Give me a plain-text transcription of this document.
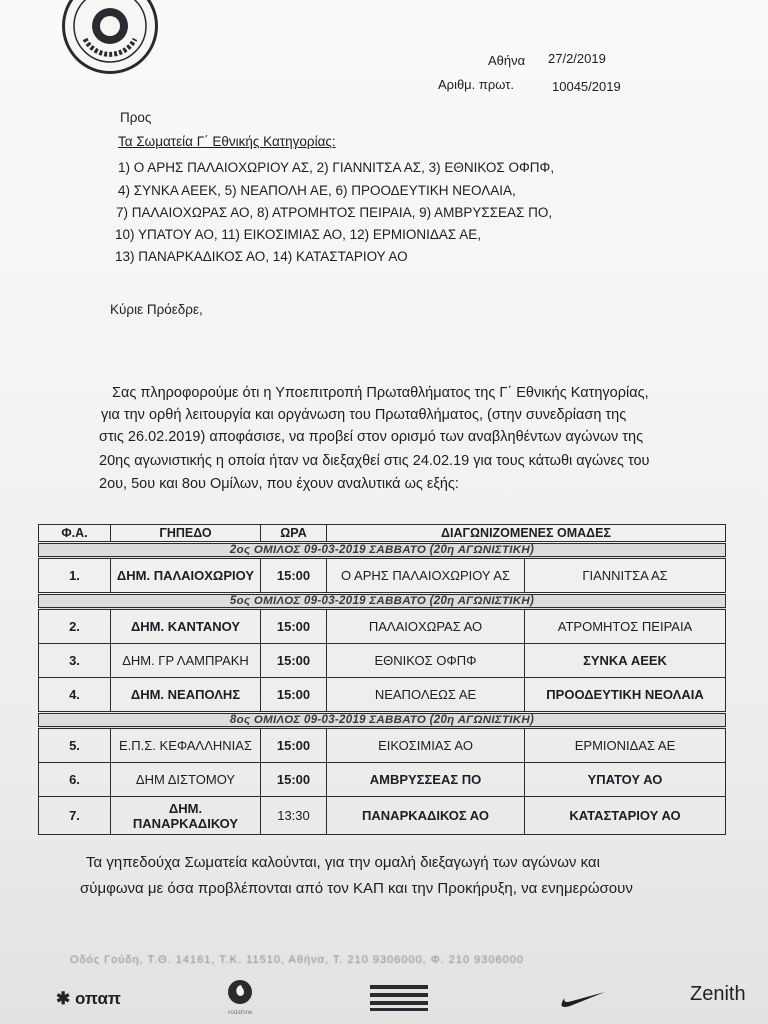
Αθήνα 27/2/2019
Αριθμ. πρωτ.	10045/2019
Προς
Τα Σωματεία Γ΄ Εθνικής Κατηγορίας:
1) Ο ΑΡΗΣ ΠΑΛΑΙΟΧΩΡΙΟΥ ΑΣ, 2) ΓΙΑΝΝΙΤΣΑ ΑΣ, 3) ΕΘΝΙΚΟΣ ΟΦΠΦ,
4) ΣΥΝΚΑ ΑΕΕΚ, 5) ΝΕΑΠΟΛΗ ΑΕ, 6) ΠΡΟΟΔΕΥΤΙΚΗ ΝΕΟΛΑΙΑ,
7) ΠΑΛΑΙΟΧΩΡΑΣ ΑΟ, 8) ΑΤΡΟΜΗΤΟΣ ΠΕΙΡΑΙΑ, 9) ΑΜΒΡΥΣΣΕΑΣ ΠΟ,
10) ΥΠΑΤΟΥ ΑΟ, 11) ΕΙΚΟΣΙΜΙΑΣ ΑΟ, 12) ΕΡΜΙΟΝΙΔΑΣ ΑΕ,
13) ΠΑΝΑΡΚΑΔΙΚΟΣ ΑΟ, 14) ΚΑΤΑΣΤΑΡΙΟΥ ΑΟ
Κύριε Πρόεδρε,
Σας πληροφορούμε ότι η Υποεπιτροπή Πρωταθλήματος της Γ΄ Εθνικής Κατηγορίας,
για την ορθή λειτουργία και οργάνωση του Πρωταθλήματος, (στην συνεδρίαση της
στις 26.02.2019) αποφάσισε, να προβεί στον ορισμό των αναβληθέντων αγώνων της
20ης αγωνιστικής η οποία ήταν να διεξαχθεί στις 24.02.19 για τους κάτωθι αγώνες του
2ου, 5ου και 8ου Ομίλων, που έχουν αναλυτικά ως εξής:
Φ.Α.	ΓΗΠΕΔΟ	ΩΡΑ	ΔΙΑΓΩΝΙΖΟΜΕΝΕΣ ΟΜΑΔΕΣ	
2ος ΟΜΙΛΟΣ 09-03-2019 ΣΑΒΒΑΤΟ (20η ΑΓΩΝΙΣΤΙΚΗ)				
1.	ΔΗΜ. ΠΑΛΑΙΟΧΩΡΙΟΥ	15:00	Ο ΑΡΗΣ ΠΑΛΑΙΟΧΩΡΙΟΥ ΑΣ	ΓΙΑΝΝΙΤΣΑ ΑΣ
5ος ΟΜΙΛΟΣ 09-03-2019 ΣΑΒΒΑΤΟ (20η ΑΓΩΝΙΣΤΙΚΗ)				
2.	ΔΗΜ. ΚΑΝΤΑΝΟΥ	15:00	ΠΑΛΑΙΟΧΩΡΑΣ ΑΟ	ΑΤΡΟΜΗΤΟΣ ΠΕΙΡΑΙΑ
3.	ΔΗΜ. ΓΡ ΛΑΜΠΡΑΚΗ	15:00	ΕΘΝΙΚΟΣ ΟΦΠΦ	ΣΥΝΚΑ ΑΕΕΚ
4.	ΔΗΜ. ΝΕΑΠΟΛΗΣ	15:00	ΝΕΑΠΟΛΕΩΣ ΑΕ	ΠΡΟΟΔΕΥΤΙΚΗ ΝΕΟΛΑΙΑ
8ος ΟΜΙΛΟΣ 09-03-2019 ΣΑΒΒΑΤΟ (20η ΑΓΩΝΙΣΤΙΚΗ)				
5.	Ε.Π.Σ. ΚΕΦΑΛΛΗΝΙΑΣ	15:00	ΕΙΚΟΣΙΜΙΑΣ ΑΟ	ΕΡΜΙΟΝΙΔΑΣ ΑΕ
6.	ΔΗΜ ΔΙΣΤΟΜΟΥ	15:00	ΑΜΒΡΥΣΣΕΑΣ ΠΟ	ΥΠΑΤΟΥ ΑΟ
7.	ΔΗΜ. ΠΑΝΑΡΚΑΔΙΚΟΥ	13:30	ΠΑΝΑΡΚΑΔΙΚΟΣ ΑΟ	ΚΑΤΑΣΤΑΡΙΟΥ ΑΟ
Τα γηπεδούχα Σωματεία καλούνται, για την ομαλή διεξαγωγή των αγώνων και
σύμφωνα με όσα προβλέπονται από τον ΚΑΠ και την Προκήρυξη, να ενημερώσουν
Οδός Γούδη, Τ.Θ. 14161, Τ.Κ. 11510, Αθήνα, Τ. 210 9306000, Φ. 210 9306000
✱ οπαπ
vodafone
Ζenith
